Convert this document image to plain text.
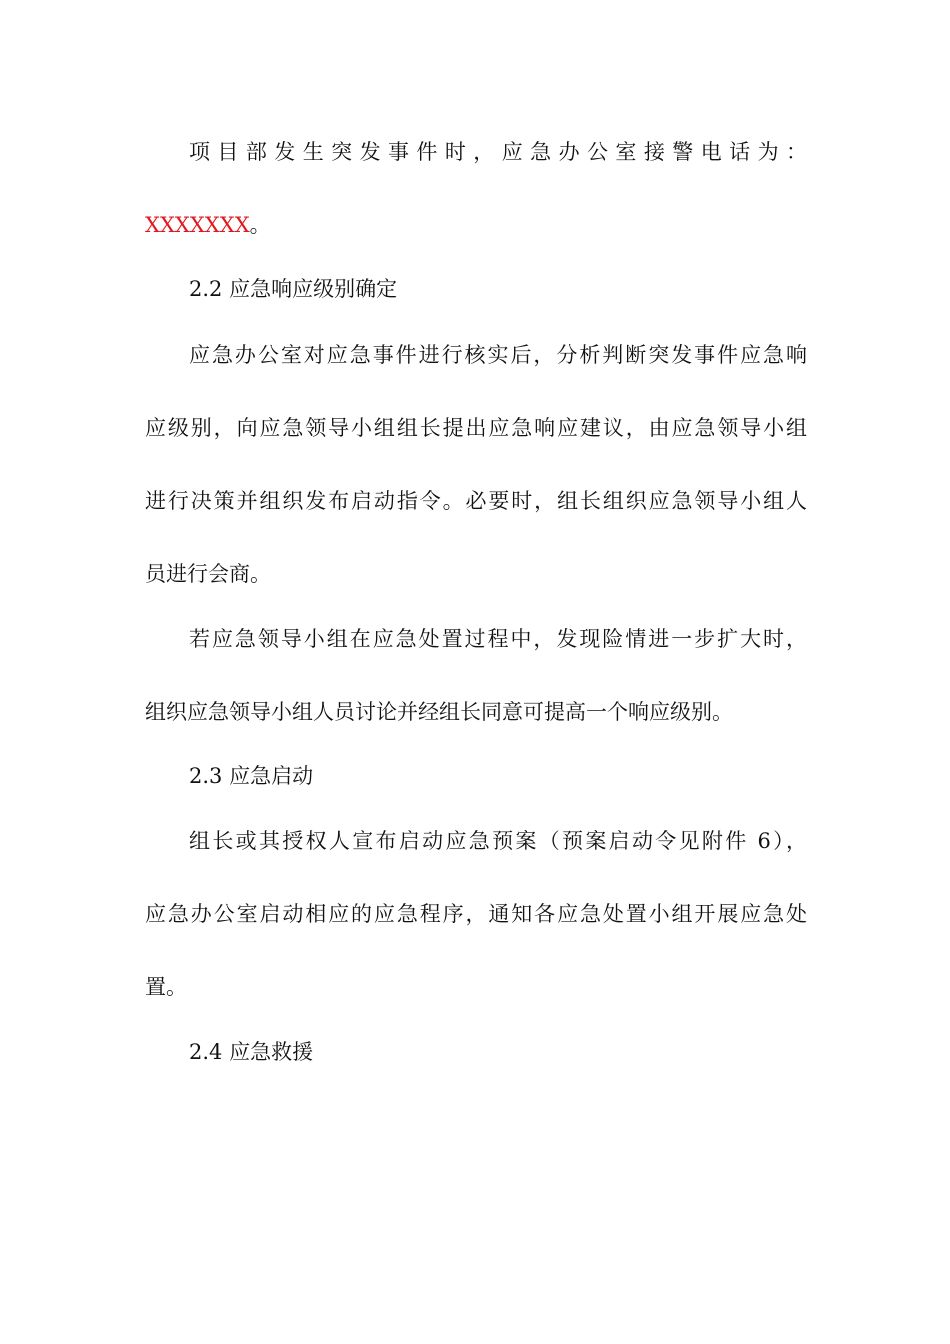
项目部发生突发事件时，应急办公室接警电话为：
XXXXXXX。
2.2 应急响应级别确定
应急办公室对应急事件进行核实后，分析判断突发事件应急响
应级别，向应急领导小组组长提出应急响应建议，由应急领导小组
进行决策并组织发布启动指令。必要时，组长组织应急领导小组人
员进行会商。
若应急领导小组在应急处置过程中，发现险情进一步扩大时，
组织应急领导小组人员讨论并经组长同意可提高一个响应级别。
2.3 应急启动
组长或其授权人宣布启动应急预案（预案启动令见附件 6），
应急办公室启动相应的应急程序，通知各应急处置小组开展应急处
置。
2.4 应急救援
